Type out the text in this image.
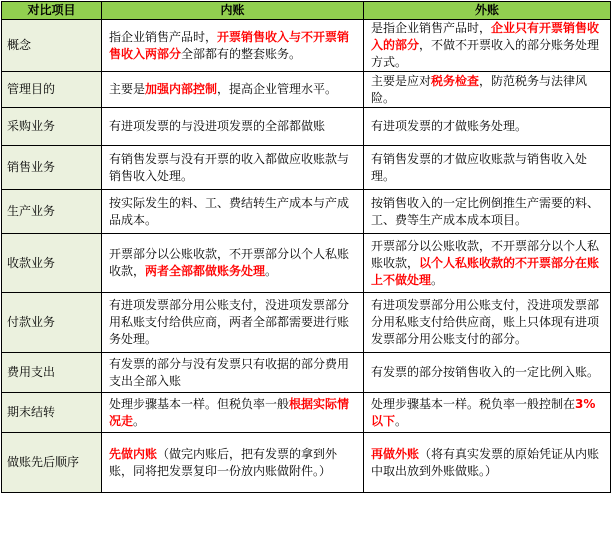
对比项目	内账	外账
概念	指企业销售产品时，开票销售收入与不开票销售收入两部分全部都有的整套账务。	是指企业销售产品时，企业只有开票销售收入的部分，不做不开票收入的部分账务处理方式。
管理目的	主要是加强内部控制，提高企业管理水平。	主要是应对税务检查，防范税务与法律风险。
采购业务	有进项发票的与没进项发票的全部都做账	有进项发票的才做账务处理。
销售业务	有销售发票与没有开票的收入都做应收账款与销售收入处理。	有销售发票的才做应收账款与销售收入处理。
生产业务	按实际发生的料、工、费结转生产成本与产成品成本。	按销售收入的一定比例倒推生产需要的料、工、费等生产成本成本项目。
收款业务	开票部分以公账收款，不开票部分以个人私账收款，两者全部都做账务处理。	开票部分以公账收款，不开票部分以个人私账收款，以个人私账收款的不开票部分在账上不做处理。
付款业务	有进项发票部分用公账支付，没进项发票部分用私账支付给供应商，两者全部都需要进行账务处理。	有进项发票部分用公账支付，没进项发票部分用私账支付给供应商，账上只体现有进项发票部分用公账支付的部分。
费用支出	有发票的部分与没有发票只有收据的部分费用支出全部入账	有发票的部分按销售收入的一定比例入账。
期末结转	处理步骤基本一样。但税负率一般根据实际情况走。	处理步骤基本一样。税负率一般控制在3%以下。
做账先后顺序	先做内账（做完内账后，把有发票的拿到外账，同将把发票复印一份放内账做附件。）	再做外账（将有真实发票的原始凭证从内账中取出放到外账做账。）
